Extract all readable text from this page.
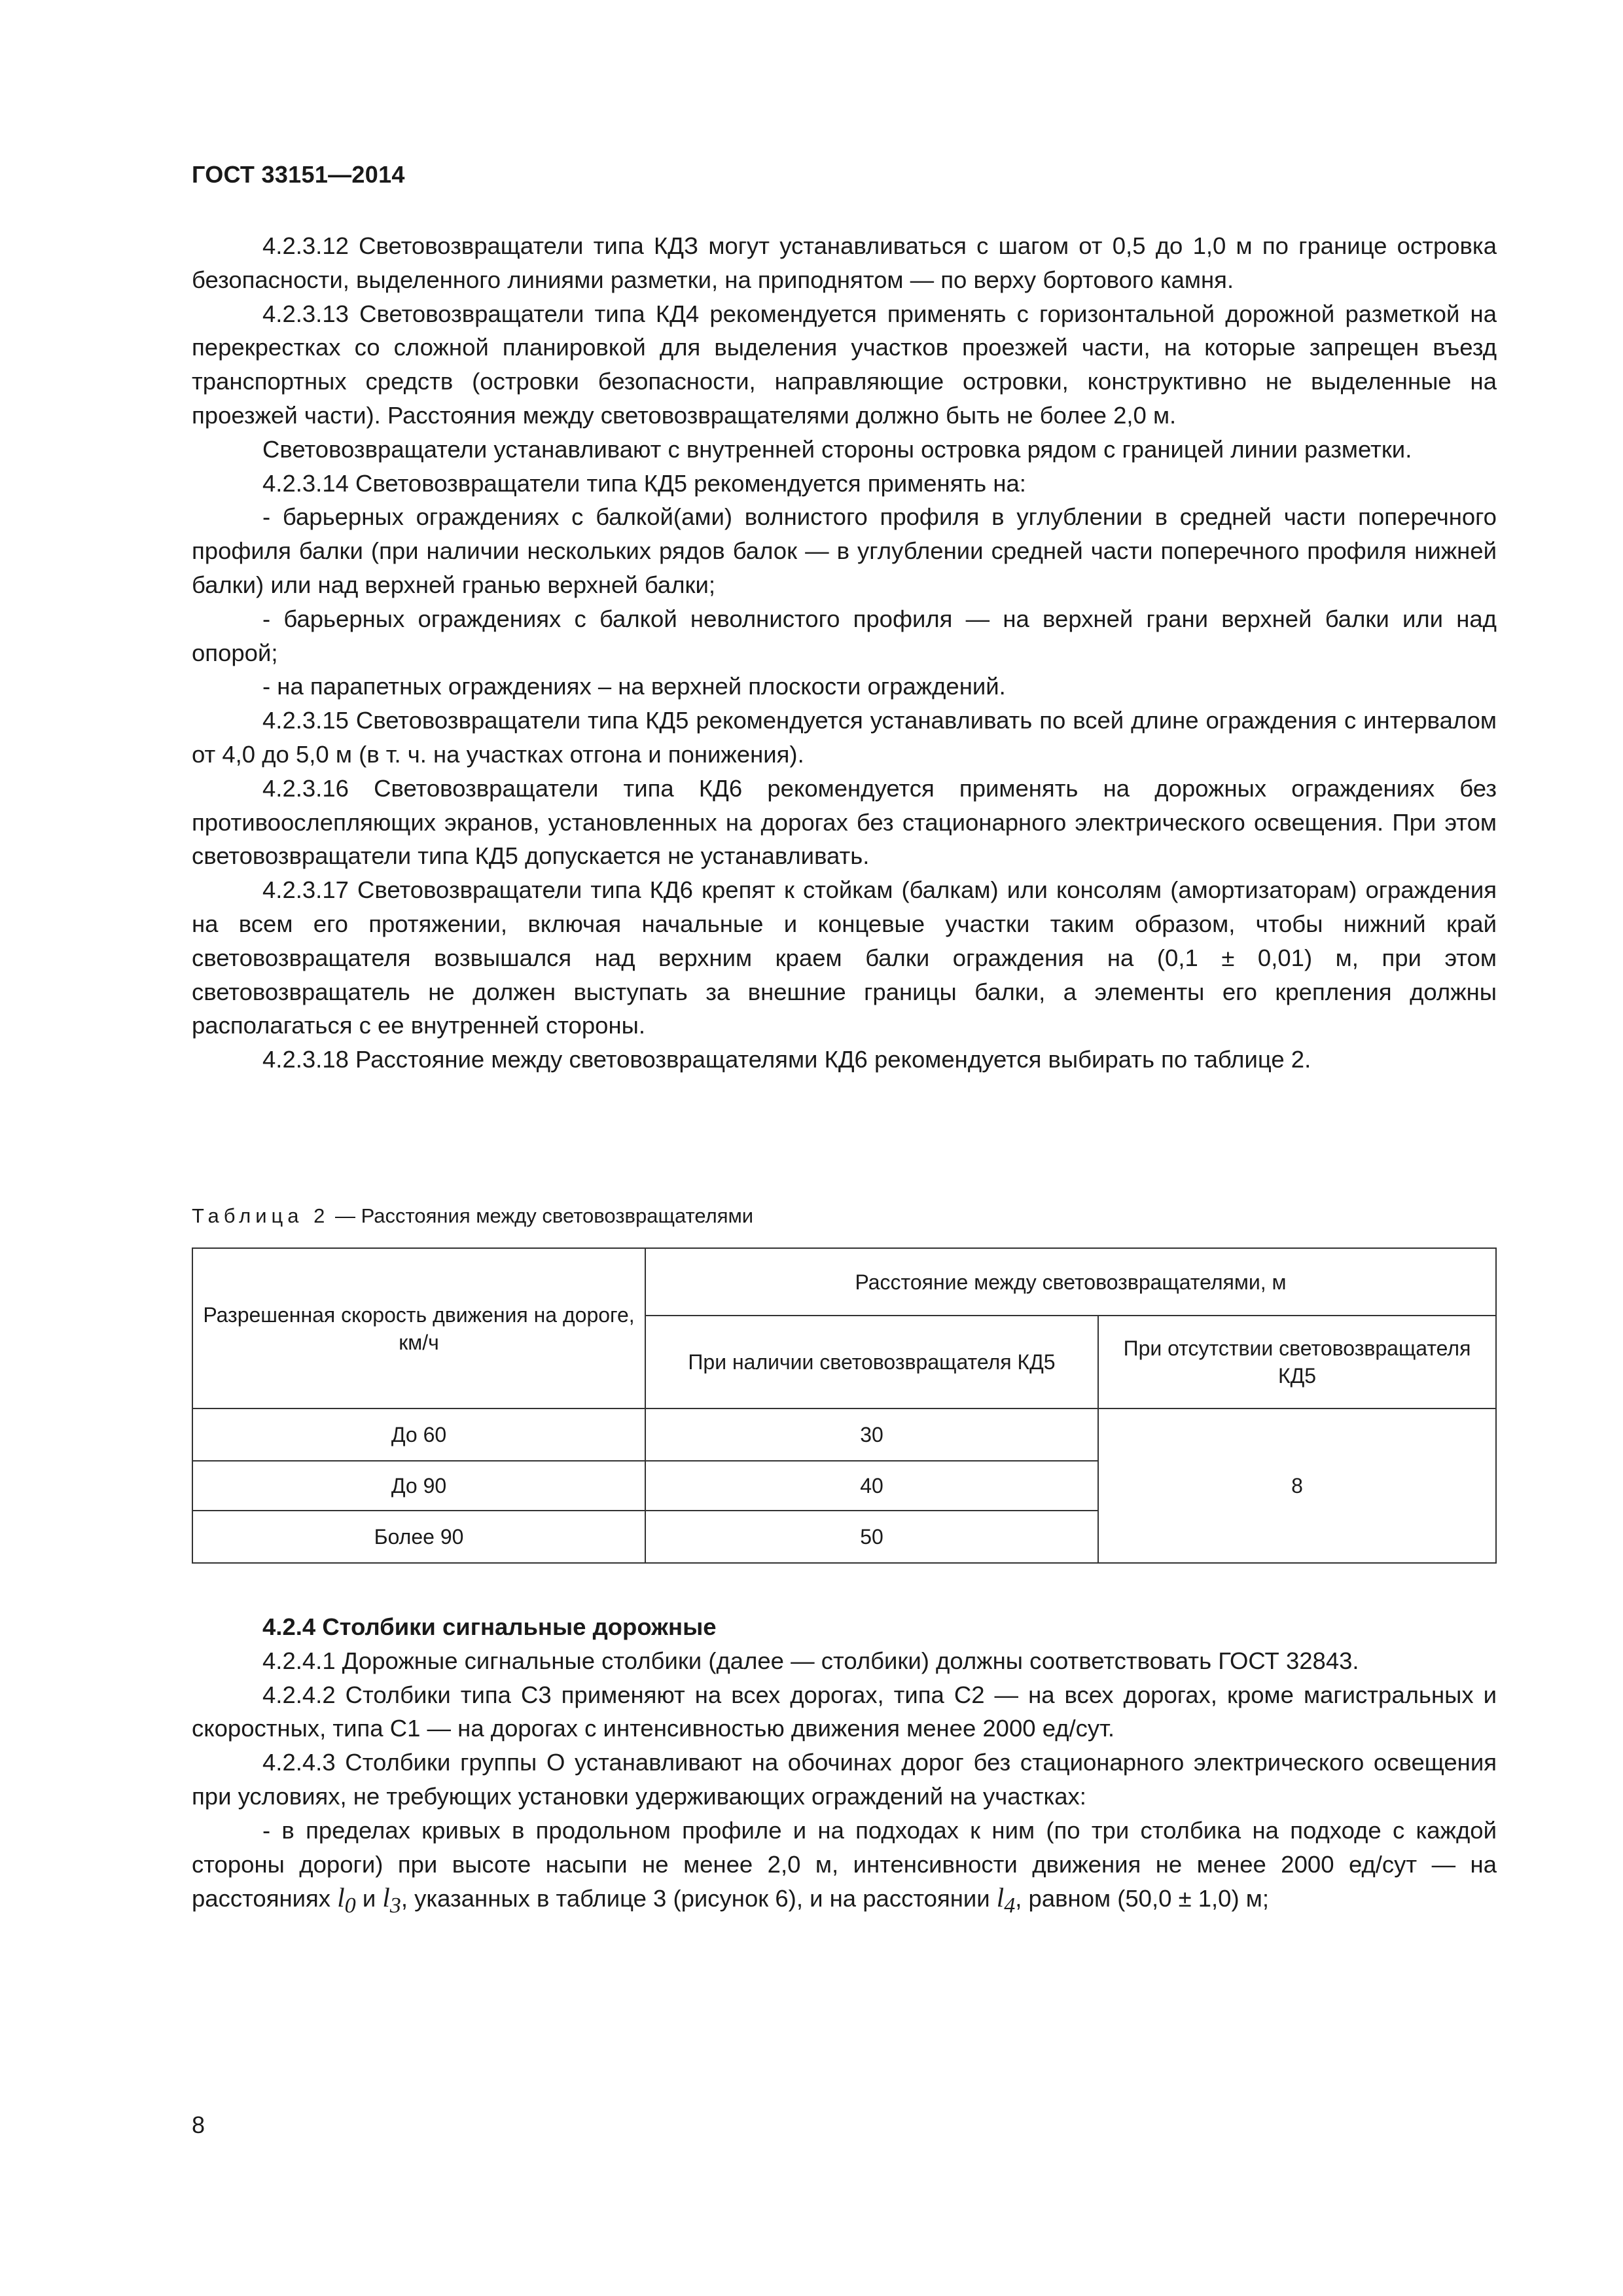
ГОСТ 33151—2014

4.2.3.12 Световозвращатели типа КДЗ могут устанавливаться с шагом от 0,5 до 1,0 м по границе островка безопасности, выделенного линиями разметки, на приподнятом — по верху бортового камня.

4.2.3.13 Световозвращатели типа КД4 рекомендуется применять с горизонтальной дорожной разметкой на перекрестках со сложной планировкой для выделения участков проезжей части, на которые запрещен въезд транспортных средств (островки безопасности, направляющие островки, конструктивно не выделенные на проезжей части). Расстояния между световозвращателями должно быть не более 2,0 м.

Световозвращатели устанавливают с внутренней стороны островка рядом с границей линии разметки.

4.2.3.14 Световозвращатели типа КД5 рекомендуется применять на:

- барьерных ограждениях с балкой(ами) волнистого профиля в углублении в средней части поперечного профиля балки (при наличии нескольких рядов балок — в углублении средней части поперечного профиля нижней балки) или над верхней гранью верхней балки;

- барьерных ограждениях с балкой неволнистого профиля — на верхней грани верхней балки или над опорой;

- на парапетных ограждениях – на верхней плоскости ограждений.

4.2.3.15 Световозвращатели типа КД5 рекомендуется устанавливать по всей длине ограждения с интервалом от 4,0 до 5,0 м (в т. ч. на участках отгона и понижения).

4.2.3.16 Световозвращатели типа КД6 рекомендуется применять на дорожных ограждениях без противоослепляющих экранов, установленных на дорогах без стационарного электрического освещения. При этом световозвращатели типа КД5 допускается не устанавливать.

4.2.3.17 Световозвращатели типа КД6 крепят к стойкам (балкам) или консолям (амортизаторам) ограждения на всем его протяжении, включая начальные и концевые участки таким образом, чтобы нижний край световозвращателя возвышался над верхним краем балки ограждения на (0,1 ± 0,01) м, при этом световозвращатель не должен выступать за внешние границы балки, а элементы его крепления должны располагаться с ее внутренней стороны.

4.2.3.18 Расстояние между световозвращателями КД6 рекомендуется выбирать по таблице 2.

Таблица 2 — Расстояния между световозвращателями
Разрешенная скорость движения на дороге, км/ч	Расстояние между световозвращателями, м	
	При наличии световозвращателя КД5	При отсутствии световозвращателя КД5
До 60	30	8
До 90	40	
Более 90	50	

4.2.4 Столбики сигнальные дорожные

4.2.4.1 Дорожные сигнальные столбики (далее — столбики) должны соответствовать ГОСТ 32843.

4.2.4.2 Столбики типа С3 применяют на всех дорогах, типа С2 — на всех дорогах, кроме магистральных и скоростных, типа С1 — на дорогах с интенсивностью движения менее 2000 ед/сут.

4.2.4.3 Столбики группы О устанавливают на обочинах дорог без стационарного электрического освещения при условиях, не требующих установки удерживающих ограждений на участках:

- в пределах кривых в продольном профиле и на подходах к ним (по три столбика на подходе с каждой стороны дороги) при высоте насыпи не менее 2,0 м, интенсивности движения не менее 2000 ед/сут — на расстояниях $l_0$ и $l_3$, указанных в таблице 3 (рисунок 6), и на расстоянии $l_4$, равном (50,0 ± 1,0) м;

8
